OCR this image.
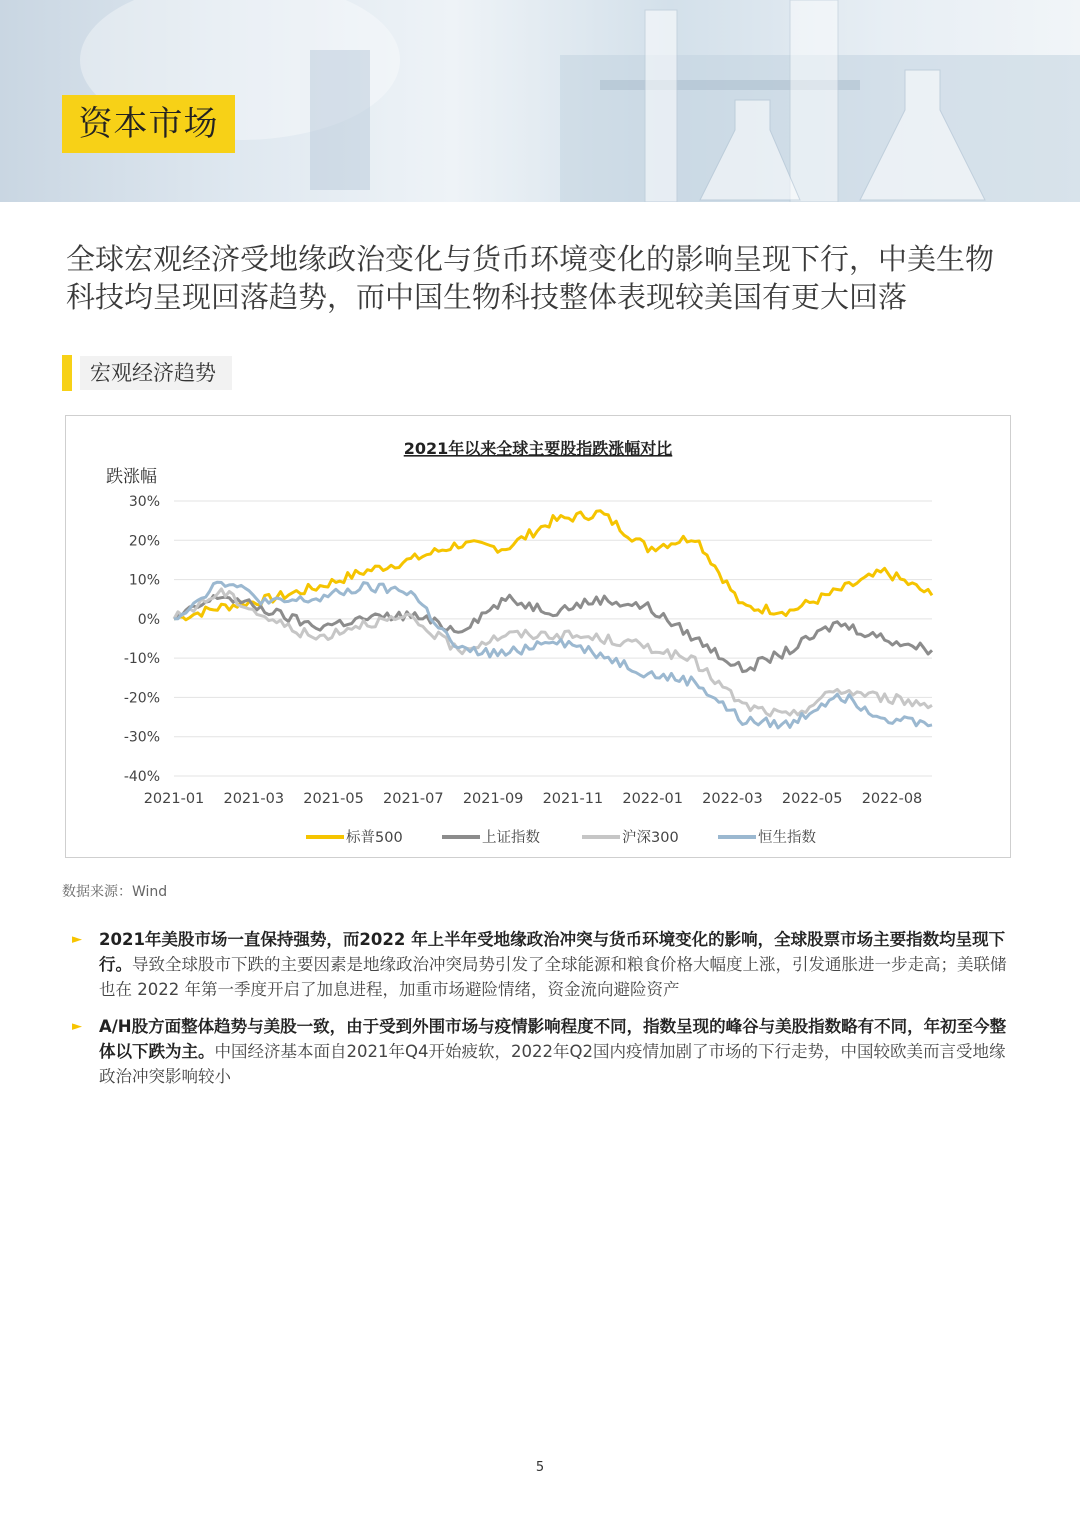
资本市场
全球宏观经济受地缘政治变化与货币环境变化的影响呈现下行，中美生物科技均呈现回落趋势，而中国生物科技整体表现较美国有更大回落
宏观经济趋势
2021年以来全球主要股指跌涨幅对比
跌涨幅
30%
20%
10%
0%
-10%
-20%
-30%
-40%
2021-01 2021-03 2021-05 2021-07 2021-09 2021-11 2022-01 2022-03 2022-05 2022-08
标普500	上证指数	沪深300	恒生指数
数据来源：Wind
► 2021年美股市场一直保持强势，而2022 年上半年受地缘政治冲突与货币环境变化的影响，全球股票市场主要指数均呈现下行。导致全球股市下跌的主要因素是地缘政治冲突局势引发了全球能源和粮食价格大幅度上涨，引发通胀进一步走高；美联储也在 2022 年第一季度开启了加息进程，加重市场避险情绪，资金流向避险资产
► A/H股方面整体趋势与美股一致，由于受到外围市场与疫情影响程度不同，指数呈现的峰谷与美股指数略有不同，年初至今整体以下跌为主。中国经济基本面自2021年Q4开始疲软，2022年Q2国内疫情加剧了市场的下行走势，中国较欧美而言受地缘政治冲突影响较小
5
